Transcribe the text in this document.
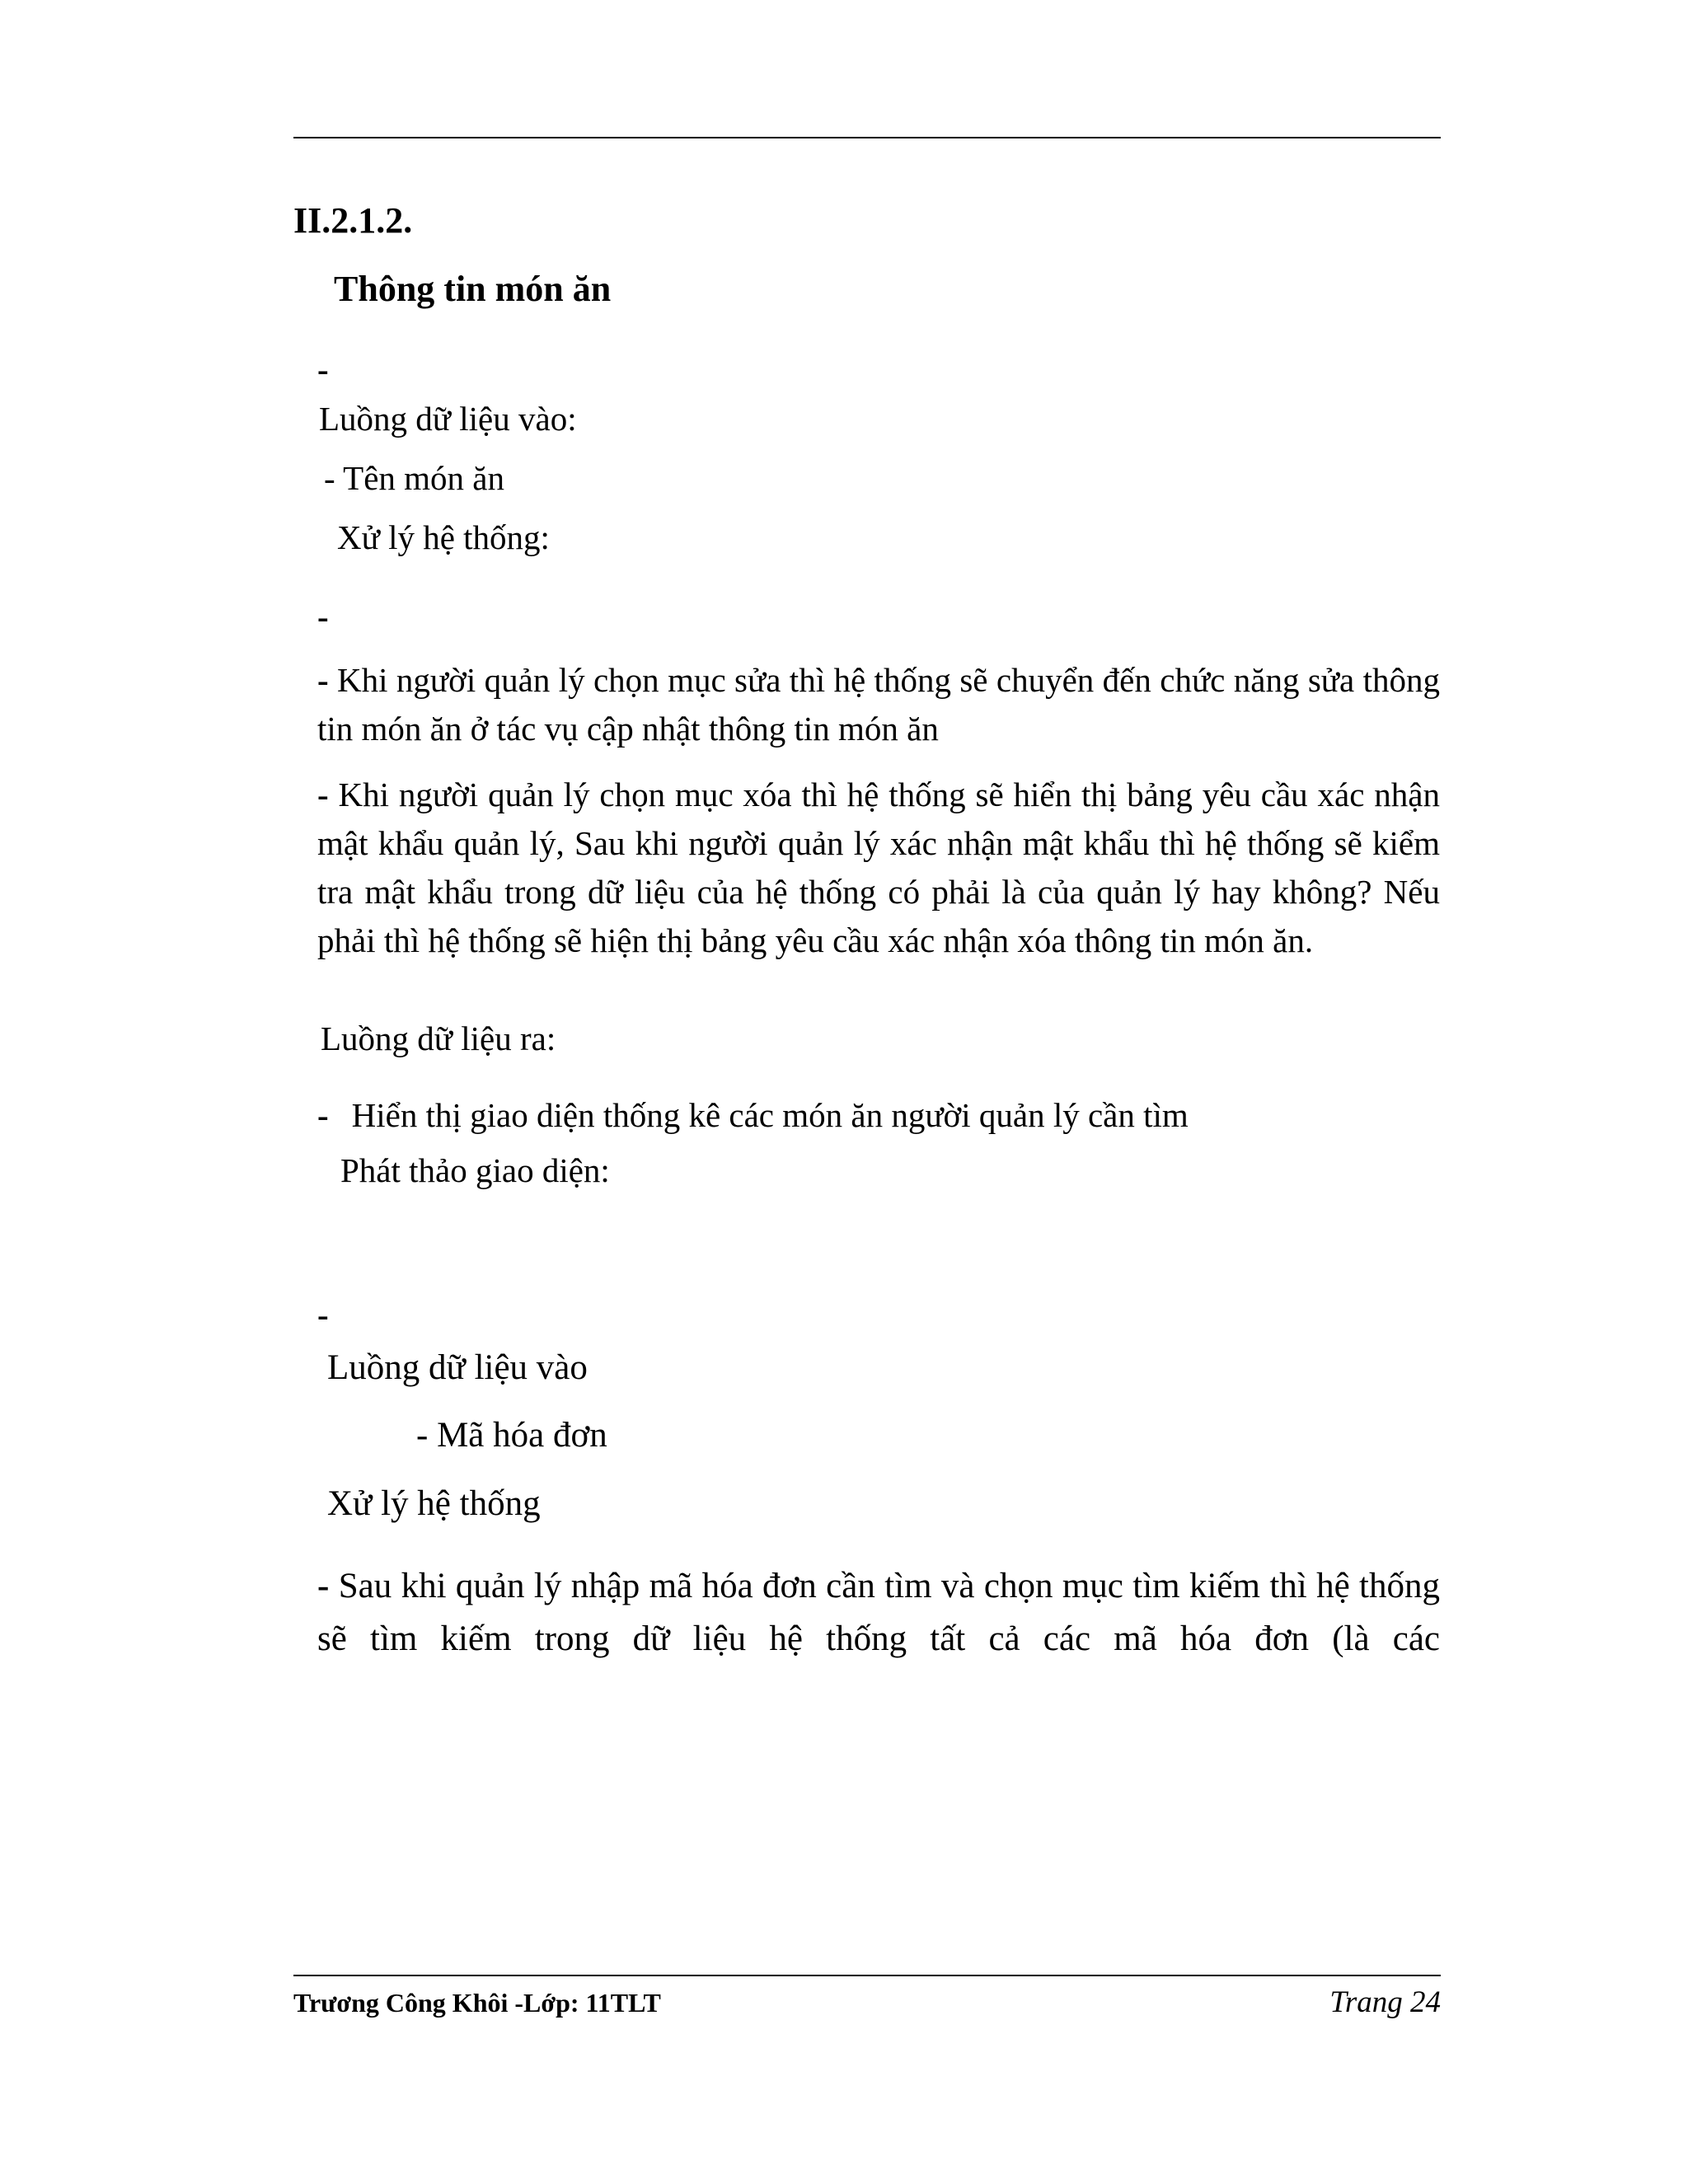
II.2.1.2.
Thông tin món ăn
-
Luồng dữ liệu vào:
- Tên món ăn
Xử lý hệ thống:
-
- Khi người quản lý chọn mục sửa thì hệ thống sẽ chuyển đến chức năng sửa thông tin món ăn ở tác vụ cập nhật thông tin món ăn
- Khi người quản lý chọn mục xóa thì hệ thống sẽ hiển thị bảng yêu cầu xác nhận mật khẩu quản lý, Sau khi người quản lý xác nhận mật khẩu thì hệ thống sẽ kiểm tra mật khẩu trong dữ liệu của hệ thống có phải là của quản lý hay không? Nếu phải thì hệ thống sẽ hiện thị bảng yêu cầu xác nhận xóa thông tin món ăn.
Luồng dữ liệu ra:
- Hiển thị giao diện thống kê các món ăn người quản lý cần tìm
Phát thảo giao diện:
-
Luồng dữ liệu vào
- Mã hóa đơn
Xử lý hệ thống
- Sau khi quản lý nhập mã hóa đơn cần tìm và chọn mục tìm kiếm thì hệ thống sẽ tìm kiếm trong dữ liệu hệ thống tất cả các mã hóa đơn (là các
Trương Công Khôi -Lớp: 11TLT	Trang 24
